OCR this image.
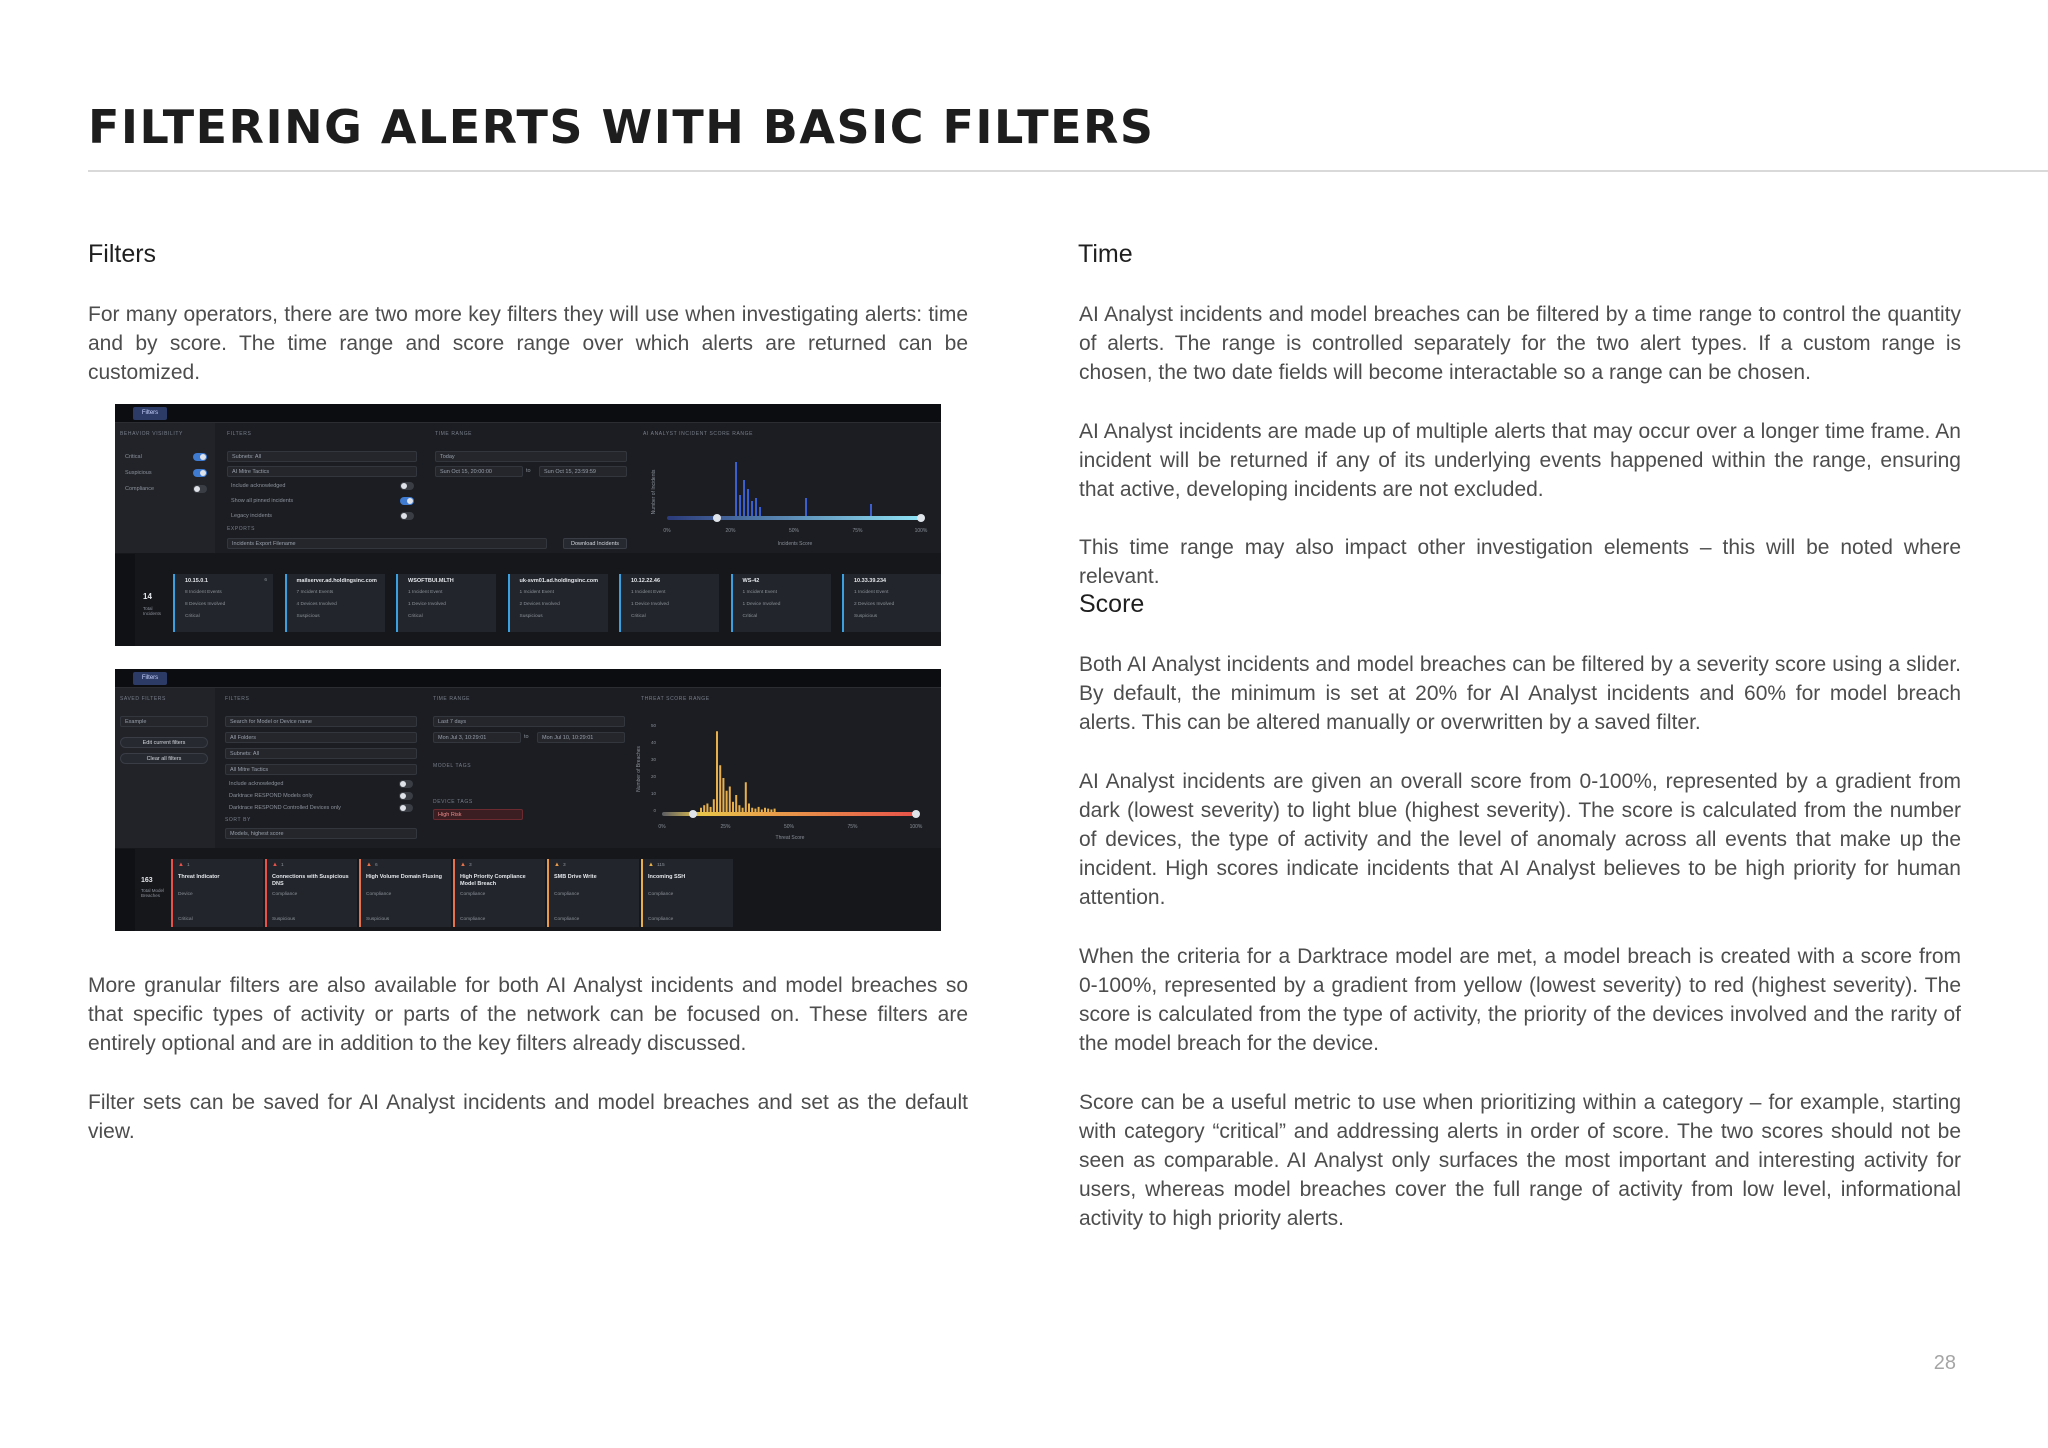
FILTERING ALERTS WITH BASIC FILTERS
Filters

For many operators, there are two more key filters they will use when investigating alerts: time and by score. The time range and score range over which alerts are returned can be customized.

Filters
BEHAVIOR VISIBILITY
Critical
Suspicious
Compliance
FILTERS
Subnets: All
AI Mitre Tactics
Include acknowledged
Show all pinned incidents
Legacy incidents
EXPORTS
Incidents Export Filename	Download Incidents
TIME RANGE
Today
Sun Oct 15, 20:00:00	to	Sun Oct 15, 23:59:59
AI ANALYST INCIDENT SCORE RANGE
0%	20%	50%	75%	100%
Incidents Score
Number of Incidents
14
Total Incidents
10.15.0.1
8 Incident Events
8 Devices Involved
Critical
6	mailserver.ad.holdingsinc.com
7 Incident Events
4 Devices Involved
Suspicious
WSOFTBUI.MLTH
1 Incident Event
1 Device Involved
Critical
uk-svm01.ad.holdingsinc.com
1 Incident Event
2 Devices Involved
Suspicious
10.12.22.46
1 Incident Event
1 Device Involved
Critical
WS-42
1 Incident Event
1 Device Involved
Critical
10.33.39.234
1 Incident Event
2 Devices Involved
Suspicious
Filters
SAVED FILTERS
Example
Edit current filters
Clear all filters
FILTERS
Search for Model or Device name
All Folders
Subnets: All
All Mitre Tactics
Include acknowledged
Darktrace RESPOND Models only
Darktrace RESPOND Controlled Devices only
SORT BY
Models, highest score
TIME RANGE
Last 7 days
Mon Jul 3, 10:29:01	to	Mon Jul 10, 10:29:01
MODEL TAGS
DEVICE TAGS
High Risk
THREAT SCORE RANGE
50
40
30
20
10
0
0%	25%	50%	75%	100%
Threat Score
Number of Breaches
163
Total Model Breaches
▲ 1
Threat Indicator
Device
Critical
▲ 1
Connections with Suspicious DNS
Compliance
Suspicious
▲ 6
High Volume Domain Fluxing
Compliance
Suspicious
▲ 3
High Priority Compliance Model Breach
Compliance
Compliance
▲ 3
SMB Drive Write
Compliance
Compliance
▲ 115
Incoming SSH
Compliance
Compliance

More granular filters are also available for both AI Analyst incidents and model breaches so that specific types of activity or parts of the network can be focused on. These filters are entirely optional and are in addition to the key filters already discussed.

Filter sets can be saved for AI Analyst incidents and model breaches and set as the default view.

Time

AI Analyst incidents and model breaches can be filtered by a time range to control the quantity of alerts. The range is controlled separately for the two alert types. If a custom range is chosen, the two date fields will become interactable so a range can be chosen.

AI Analyst incidents are made up of multiple alerts that may occur over a longer time frame. An incident will be returned if any of its underlying events happened within the range, ensuring that active, developing incidents are not excluded.

This time range may also impact other investigation elements – this will be noted where relevant.

Score

Both AI Analyst incidents and model breaches can be filtered by a severity score using a slider. By default, the minimum is set at 20% for AI Analyst incidents and 60% for model breach alerts. This can be altered manually or overwritten by a saved filter.

AI Analyst incidents are given an overall score from 0-100%, represented by a gradient from dark (lowest severity) to light blue (highest severity). The score is calculated from the number of devices, the type of activity and the level of anomaly across all events that make up the incident. High scores indicate incidents that AI Analyst believes to be high priority for human attention.

When the criteria for a Darktrace model are met, a model breach is created with a score from 0-100%, represented by a gradient from yellow (lowest severity) to red (highest severity). The score is calculated from the type of activity, the priority of the devices involved and the rarity of the model breach for the device.

Score can be a useful metric to use when prioritizing within a category – for example, starting with category “critical” and addressing alerts in order of score. The two scores should not be seen as comparable. AI Analyst only surfaces the most important and interesting activity for users, whereas model breaches cover the full range of activity from low level, informational activity to high priority alerts.

28
